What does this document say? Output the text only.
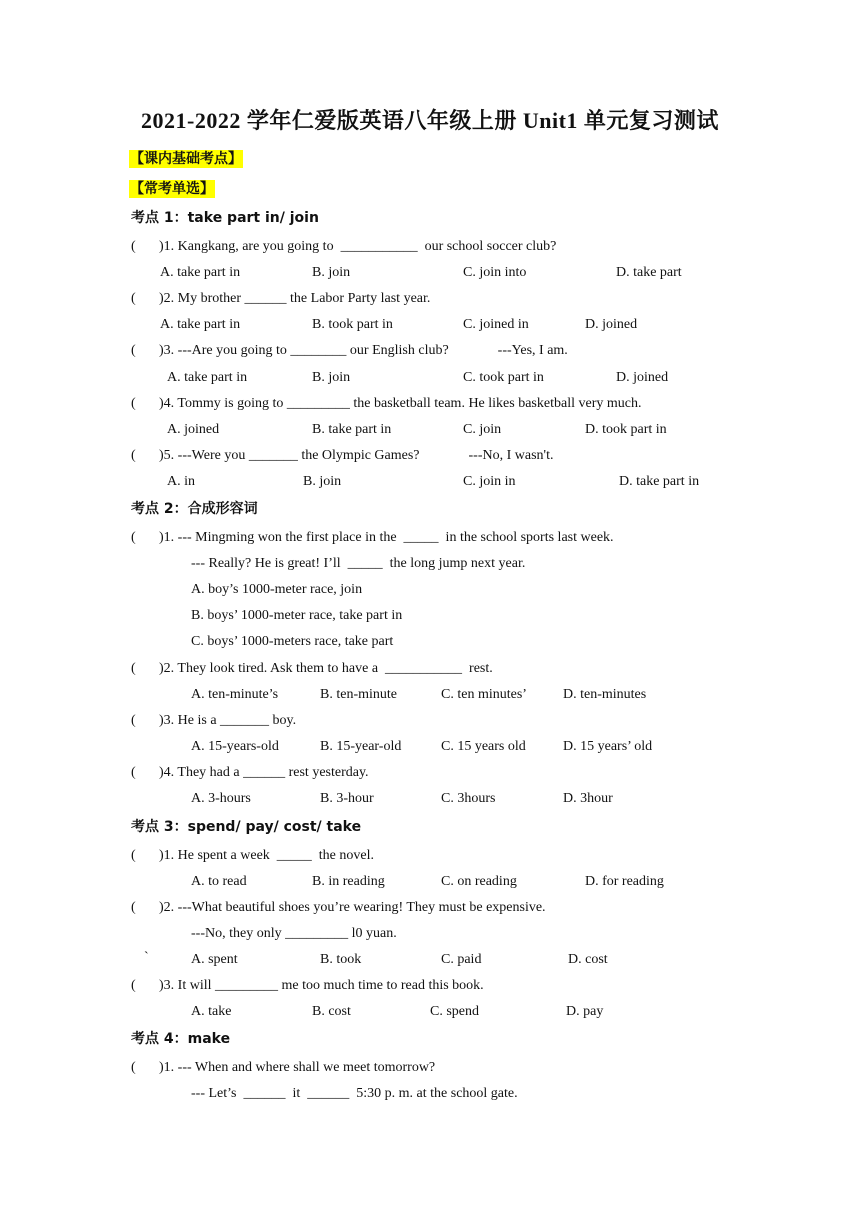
2021-2022 学年仁爱版英语八年级上册 Unit1 单元复习测试
【课内基础考点】
【常考单选】
考点 1：take part in/ join
( )1. Kangkang, are you going to  ___________  our school soccer club?
A. take part in	B. join	C. join into	D. take part
( )2. My brother ______ the Labor Party last year.
A. take part in	B. took part in	C. joined in	D. joined
( )3. ---Are you going to ________ our English club?              ---Yes, I am.
A. take part in	B. join	C. took part in	D. joined
( )4. Tommy is going to _________ the basketball team. He likes basketball very much.
A. joined	B. take part in	C. join	D. took part in
( )5. ---Were you _______ the Olympic Games?              ---No, I wasn't.
A. in	B. join	C. join in	D. take part in
考点 2：合成形容词
( )1. --- Mingming won the first place in the  _____  in the school sports last week.
--- Really? He is great! I’ll  _____  the long jump next year.
A. boy’s 1000-meter race, join
B. boys’ 1000-meter race, take part in
C. boys’ 1000-meters race, take part
( )2. They look tired. Ask them to have a  ___________  rest.
A. ten-minute’s	B. ten-minute	C. ten minutes’	D. ten-minutes
( )3. He is a _______ boy.
A. 15-years-old	B. 15-year-old	C. 15 years old	D. 15 years’ old
( )4. They had a ______ rest yesterday.
A. 3-hours	B. 3-hour	C. 3hours	D. 3hour
考点 3：spend/ pay/ cost/ take
( )1. He spent a week  _____  the novel.
A. to read	B. in reading	C. on reading	D. for reading
( )2. ---What beautiful shoes you’re wearing! They must be expensive.
---No, they only _________ l0 yuan.
`	A. spent	B. took	C. paid	D. cost
( )3. It will _________ me too much time to read this book.
A. take	B. cost	C. spend	D. pay
考点 4：make
( )1. --- When and where shall we meet tomorrow?
--- Let’s  ______  it  ______  5:30 p. m. at the school gate.
